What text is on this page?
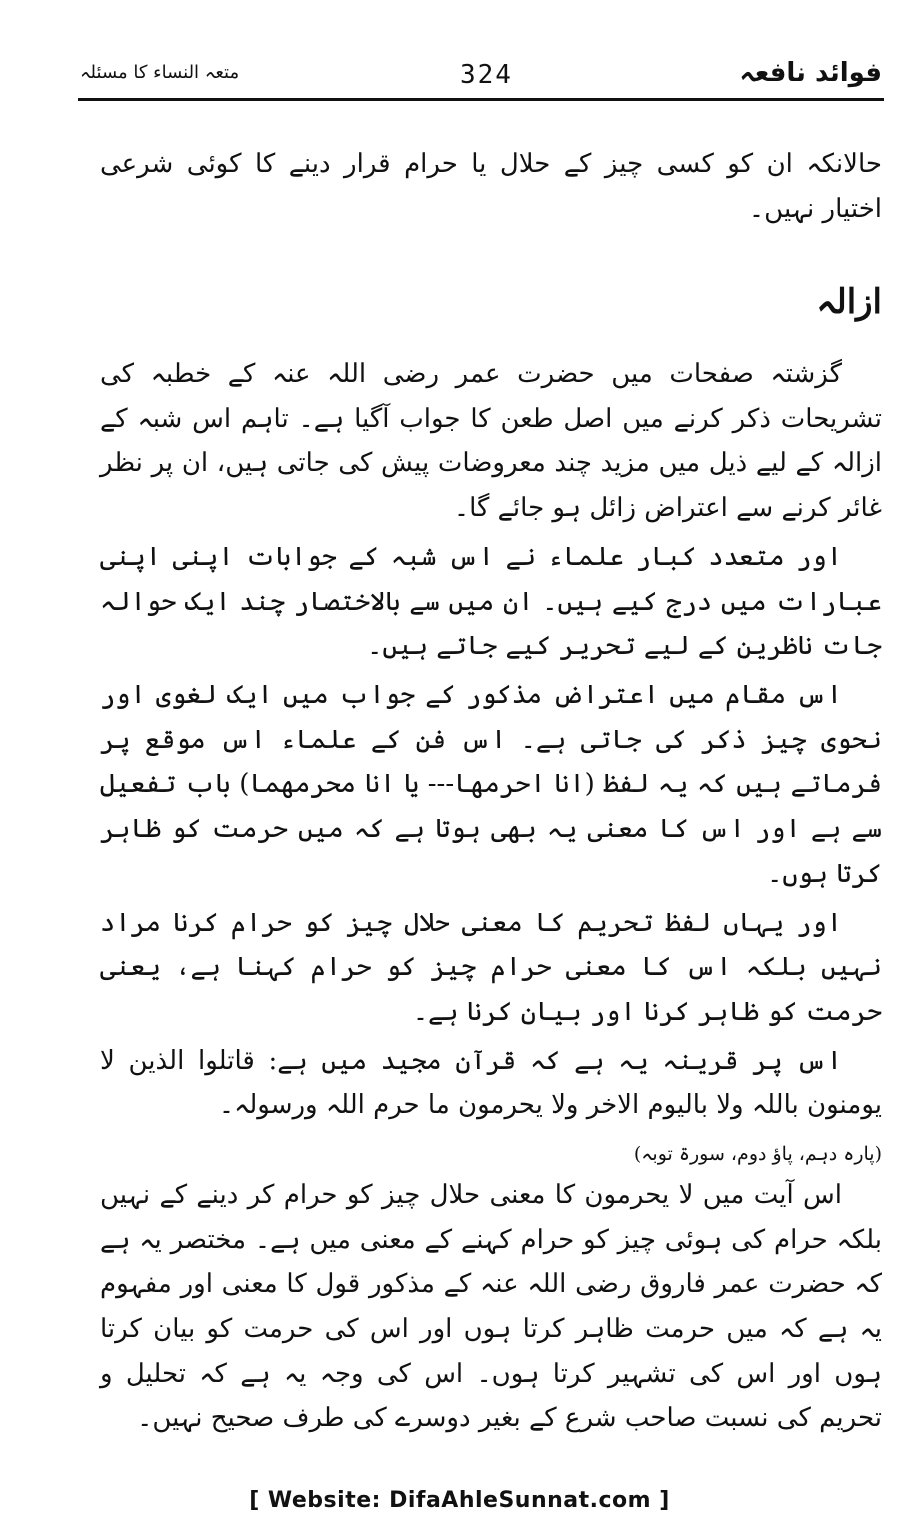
فوائد نافعہ
324
متعہ النساء کا مسئلہ

حالانکہ ان کو کسی چیز کے حلال یا حرام قرار دینے کا کوئی شرعی اختیار نہیں۔

ازالہ

گزشتہ صفحات میں حضرت عمر رضی اللہ عنہ کے خطبہ کی تشریحات ذکر کرنے میں اصل طعن کا جواب آگیا ہے۔ تاہم اس شبہ کے ازالہ کے لیے ذیل میں مزید چند معروضات پیش کی جاتی ہیں، ان پر نظر غائر کرنے سے اعتراض زائل ہو جائے گا۔

اور متعدد کبار علماء نے اس شبہ کے جوابات اپنی اپنی عبارات میں درج کیے ہیں۔ ان میں سے بالاختصار چند ایک حوالہ جات ناظرین کے لیے تحریر کیے جاتے ہیں۔

اس مقام میں اعتراض مذکور کے جواب میں ایک لغوی اور نحوی چیز ذکر کی جاتی ہے۔ اس فن کے علماء اس موقع پر فرماتے ہیں کہ یہ لفظ (انا احرمھا--- یا انا محرمھما) باب تفعیل سے ہے اور اس کا معنی یہ بھی ہوتا ہے کہ میں حرمت کو ظاہر کرتا ہوں۔

اور یہاں لفظ تحریم کا معنی حلال چیز کو حرام کرنا مراد نہیں بلکہ اس کا معنی حرام چیز کو حرام کہنا ہے، یعنی حرمت کو ظاہر کرنا اور بیان کرنا ہے۔

اس پر قرینہ یہ ہے کہ قرآن مجید میں ہے: قاتلوا الذین لا یومنون باللہ ولا بالیوم الاخر ولا یحرمون ما حرم اللہ ورسولہ۔

(پارہ دہم، پاؤ دوم، سورۃ توبہ)

اس آیت میں لا یحرمون کا معنی حلال چیز کو حرام کر دینے کے نہیں بلکہ حرام کی ہوئی چیز کو حرام کہنے کے معنی میں ہے۔ مختصر یہ ہے کہ حضرت عمر فاروق رضی اللہ عنہ کے مذکور قول کا معنی اور مفہوم یہ ہے کہ میں حرمت ظاہر کرتا ہوں اور اس کی حرمت کو بیان کرتا ہوں اور اس کی تشہیر کرتا ہوں۔ اس کی وجہ یہ ہے کہ تحلیل و تحریم کی نسبت صاحب شرع کے بغیر دوسرے کی طرف صحیح نہیں۔

[ Website: DifaAhleSunnat.com ]
